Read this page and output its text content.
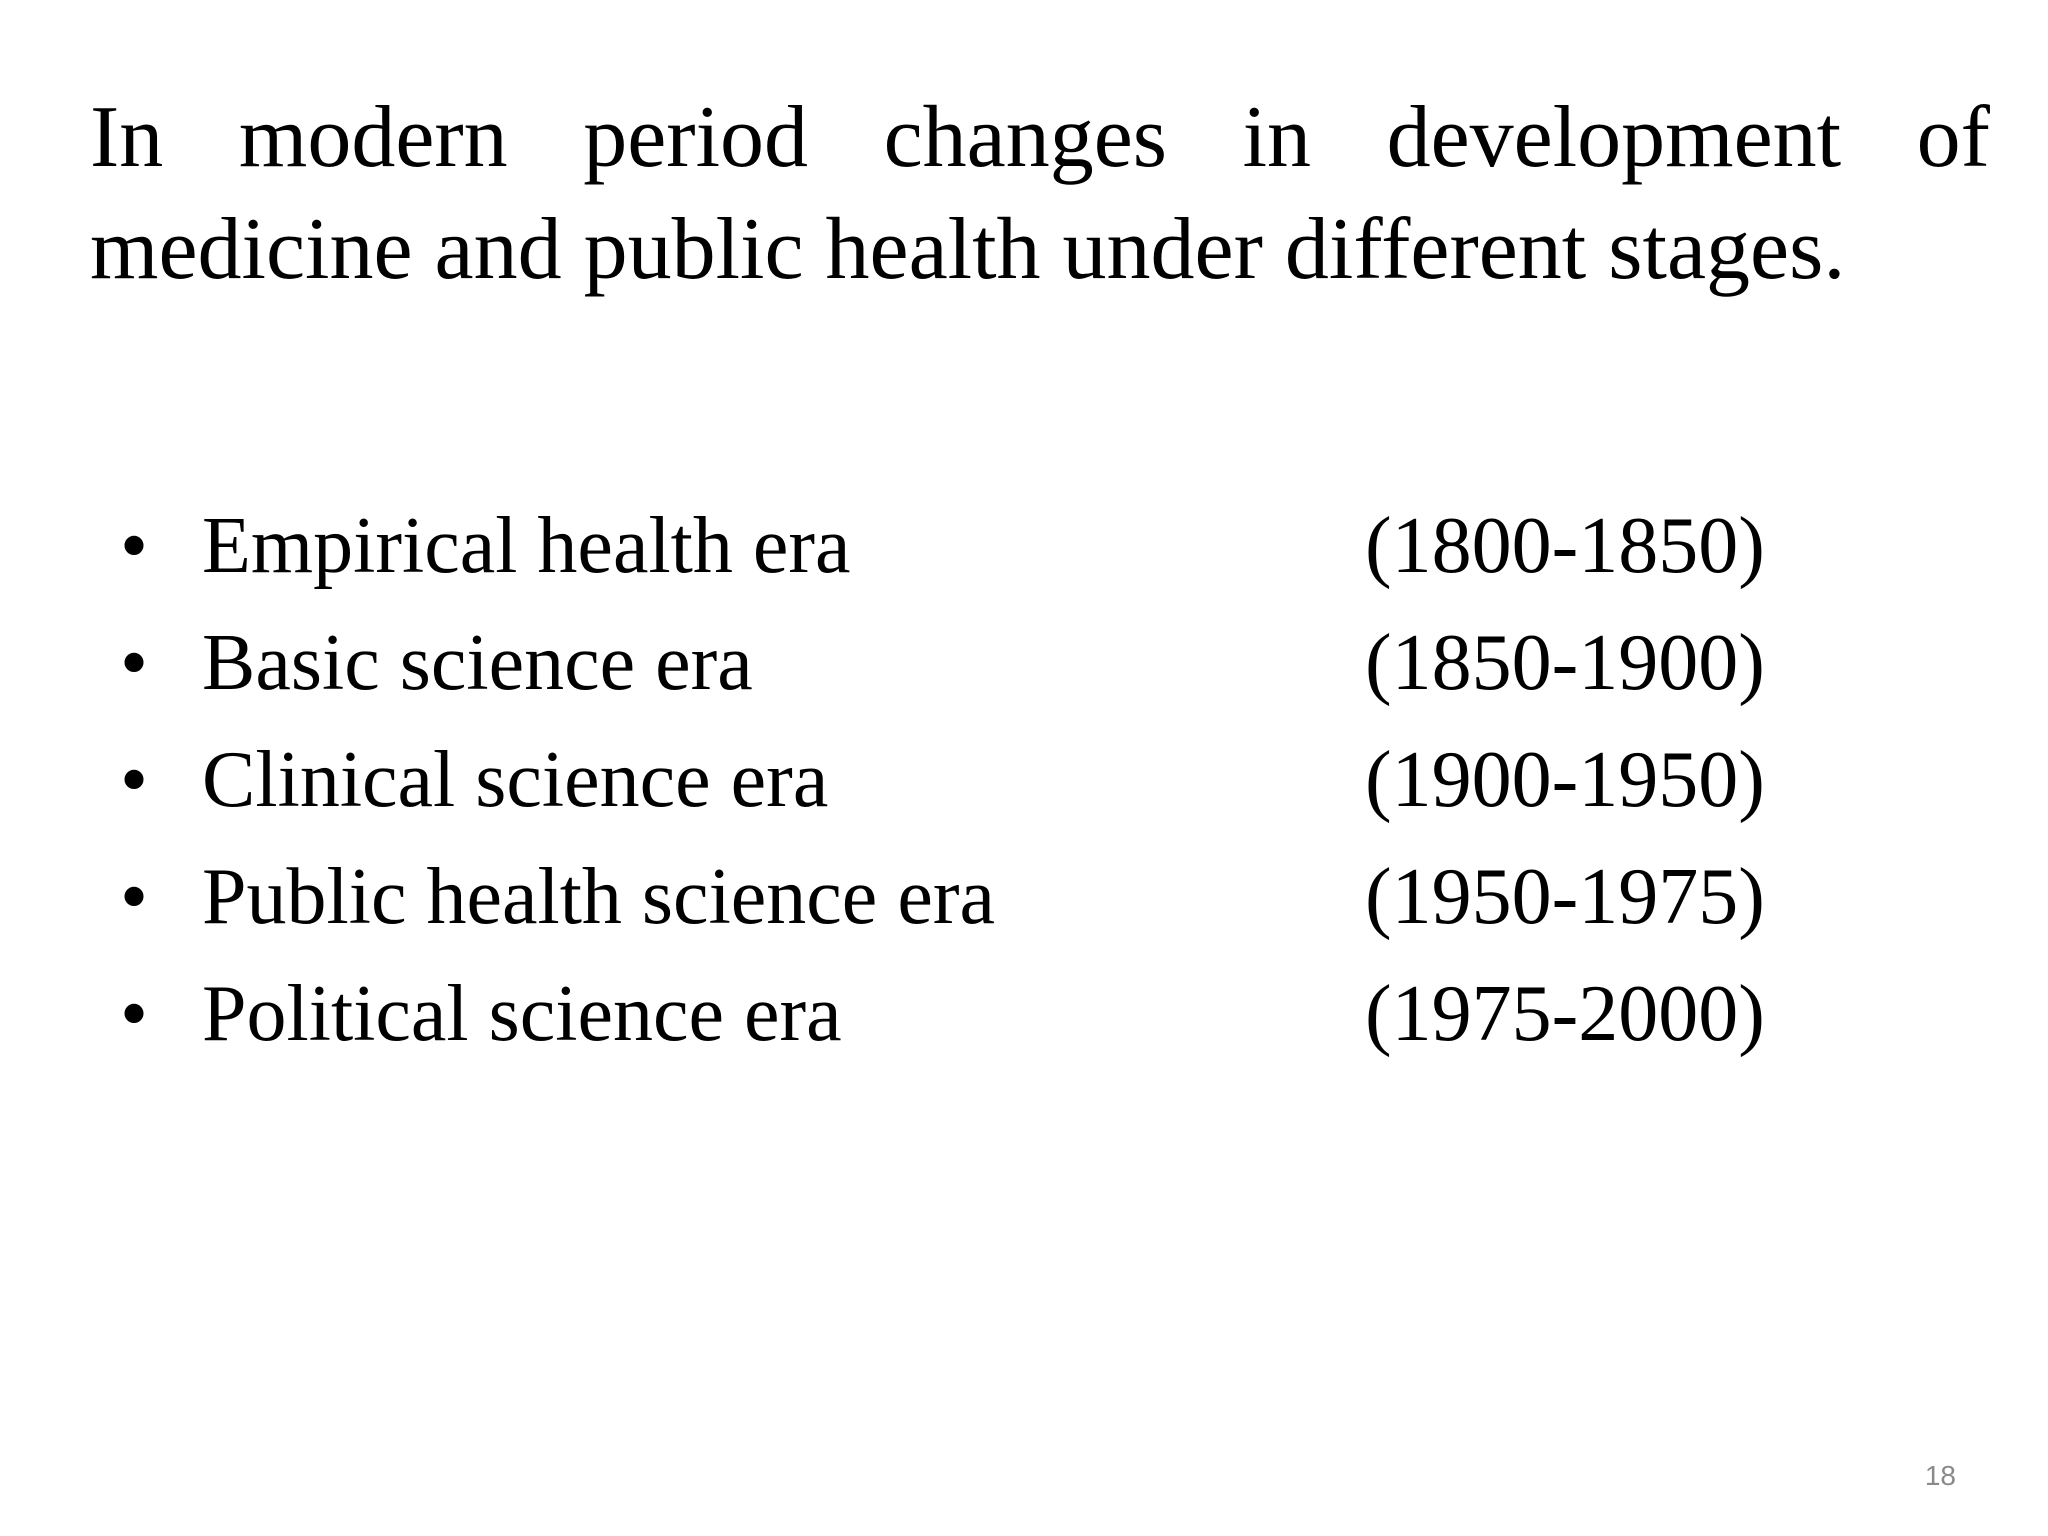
In modern period changes in development of
medicine and public health under different stages.
• Empirical health era	(1800-1850)
• Basic science era	(1850-1900)
• Clinical science era	(1900-1950)
• Public health science era	(1950-1975)
• Political science era	(1975-2000)
18
